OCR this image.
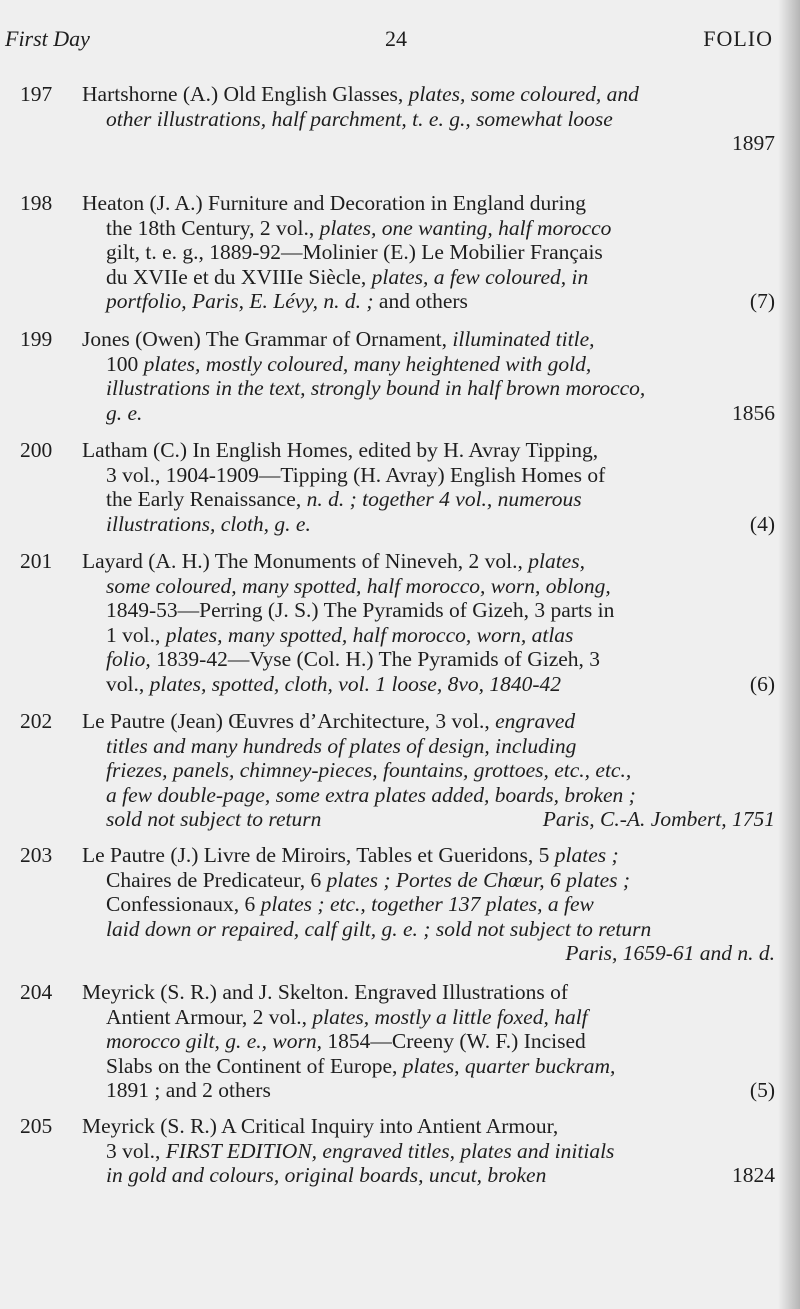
First Day	24	FOLIO
197	Hartshorne (A.) Old English Glasses, plates, some coloured, and
other illustrations, half parchment, t. e. g., somewhat loose
1897

198	Heaton (J. A.) Furniture and Decoration in England during
the 18th Century, 2 vol., plates, one wanting, half morocco
gilt, t. e. g., 1889-92—Molinier (E.) Le Mobilier Français
du XVIIe et du XVIIIe Siècle, plates, a few coloured, in
portfolio, Paris, E. Lévy, n. d. ; and others	(7)
199	Jones (Owen) The Grammar of Ornament, illuminated title,
100 plates, mostly coloured, many heightened with gold,
illustrations in the text, strongly bound in half brown morocco,
g. e.	1856
200	Latham (C.) In English Homes, edited by H. Avray Tipping,
3 vol., 1904-1909—Tipping (H. Avray) English Homes of
the Early Renaissance, n. d. ; together 4 vol., numerous
illustrations, cloth, g. e.	(4)
201	Layard (A. H.) The Monuments of Nineveh, 2 vol., plates,
some coloured, many spotted, half morocco, worn, oblong,
1849-53—Perring (J. S.) The Pyramids of Gizeh, 3 parts in
1 vol., plates, many spotted, half morocco, worn, atlas
folio, 1839-42—Vyse (Col. H.) The Pyramids of Gizeh, 3
vol., plates, spotted, cloth, vol. 1 loose, 8vo, 1840-42	(6)
202	Le Pautre (Jean) Œuvres d’Architecture, 3 vol., engraved
titles and many hundreds of plates of design, including
friezes, panels, chimney-pieces, fountains, grottoes, etc., etc.,
a few double-page, some extra plates added, boards, broken ;
sold not subject to return	Paris, C.-A. Jombert, 1751
203	Le Pautre (J.) Livre de Miroirs, Tables et Gueridons, 5 plates ;
Chaires de Predicateur, 6 plates ; Portes de Chœur, 6 plates ;
Confessionaux, 6 plates ; etc., together 137 plates, a few
laid down or repaired, calf gilt, g. e. ; sold not subject to return
Paris, 1659-61 and n. d.

204	Meyrick (S. R.) and J. Skelton. Engraved Illustrations of
Antient Armour, 2 vol., plates, mostly a little foxed, half
morocco gilt, g. e., worn, 1854—Creeny (W. F.) Incised
Slabs on the Continent of Europe, plates, quarter buckram,
1891 ; and 2 others	(5)
205	Meyrick (S. R.) A Critical Inquiry into Antient Armour,
3 vol., FIRST EDITION, engraved titles, plates and initials
in gold and colours, original boards, uncut, broken	1824
